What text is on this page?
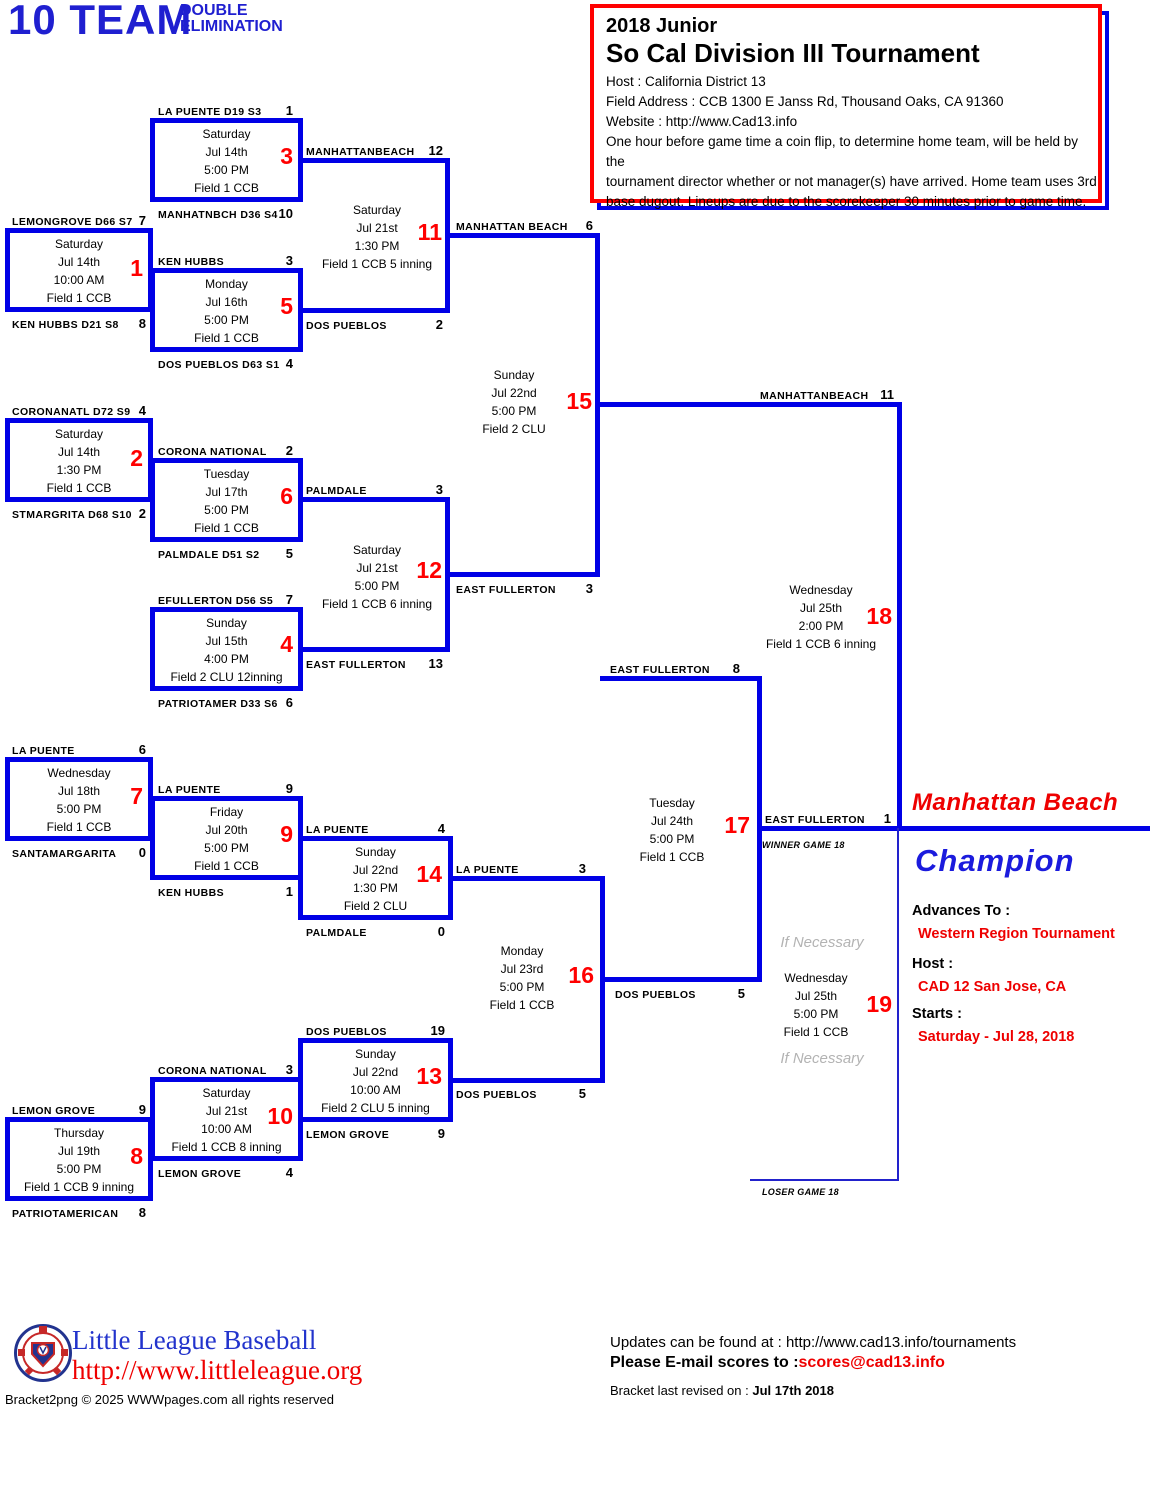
10 TEAM
DOUBLE
ELIMINATION	2018 Junior
So Cal Division III Tournament
Host : California District 13
Field Address : CCB 1300 E Janss Rd, Thousand Oaks, CA 91360
Website : http://www.Cad13.info
One hour before game time a coin flip, to determine home team, will be held by the
tournament director whether or not manager(s) have arrived. Home team uses 3rd
base dugout. Lineups are due to the scorekeeper 30 minutes prior to game time.
Saturday
Jul 14th
10:00 AM
Field 1 CCB
Saturday
Jul 14th
1:30 PM
Field 1 CCB
Wednesday
Jul 18th
5:00 PM
Field 1 CCB
Thursday
Jul 19th
5:00 PM
Field 1 CCB 9 inning
Saturday
Jul 14th
5:00 PM
Field 1 CCB
Monday
Jul 16th
5:00 PM
Field 1 CCB
Tuesday
Jul 17th
5:00 PM
Field 1 CCB
Sunday
Jul 15th
4:00 PM
Field 2 CLU 12inning
Friday
Jul 20th
5:00 PM
Field 1 CCB
Saturday
Jul 21st
10:00 AM
Field 1 CCB 8 inning
Sunday
Jul 22nd
1:30 PM
Field 2 CLU
Sunday
Jul 22nd
10:00 AM
Field 2 CLU 5 inning
Saturday
Jul 21st
1:30 PM
Field 1 CCB 5 inning
Saturday
Jul 21st
5:00 PM
Field 1 CCB 6 inning
Sunday
Jul 22nd
5:00 PM
Field 2 CLU
Monday
Jul 23rd
5:00 PM
Field 1 CCB
Tuesday
Jul 24th
5:00 PM
Field 1 CCB
Wednesday
Jul 25th
2:00 PM
Field 1 CCB 6 inning
Wednesday
Jul 25th
5:00 PM
Field 1 CCB
If Necessary
If Necessary
1
2
3
4
5
6
7
8
9
10
11
12
13
14
15
16
17
18
19
LEMONGROVE D66 S7 7
KEN HUBBS D21 S8 8
CORONANATL D72 S9 4
STMARGRITA D68 S10 2
LA PUENTE	6
SANTAMARGARITA 0
LEMON GROVE	9
PATRIOTAMERICAN 8
LA PUENTE D19 S3 1
MANHATNBCH D36 S4 10
KEN HUBBS	3
DOS PUEBLOS D63 S1 4
CORONA NATIONAL 2
PALMDALE D51 S2 5
EFULLERTON D56 S5 7
PATRIOTAMER D33 S6 6
LA PUENTE	9
KEN HUBBS	1
CORONA NATIONAL 3
LEMON GROVE	4
MANHATTANBEACH 12
DOS PUEBLOS	2
PALMDALE	3
EAST FULLERTON 13
LA PUENTE	4
PALMDALE	0
DOS PUEBLOS	19
LEMON GROVE	9
MANHATTAN BEACH 6
EAST FULLERTON 3
LA PUENTE	3
DOS PUEBLOS	5
EAST FULLERTON 8
DOS PUEBLOS	5
MANHATTANBEACH 11
EAST FULLERTON 1
Manhattan Beach
Champion
WINNER GAME 18
LOSER GAME 18
Advances To :
Western Region Tournament
Host :
CAD 12 San Jose, CA
Starts :
Saturday - Jul 28, 2018
Little League Baseball
http://www.littleleague.org
Bracket2png © 2025 WWWpages.com all rights reserved
Updates can be found at : http://www.cad13.info/tournaments
Please E-mail scores to :scores@cad13.info
Bracket last revised on : Jul 17th 2018
